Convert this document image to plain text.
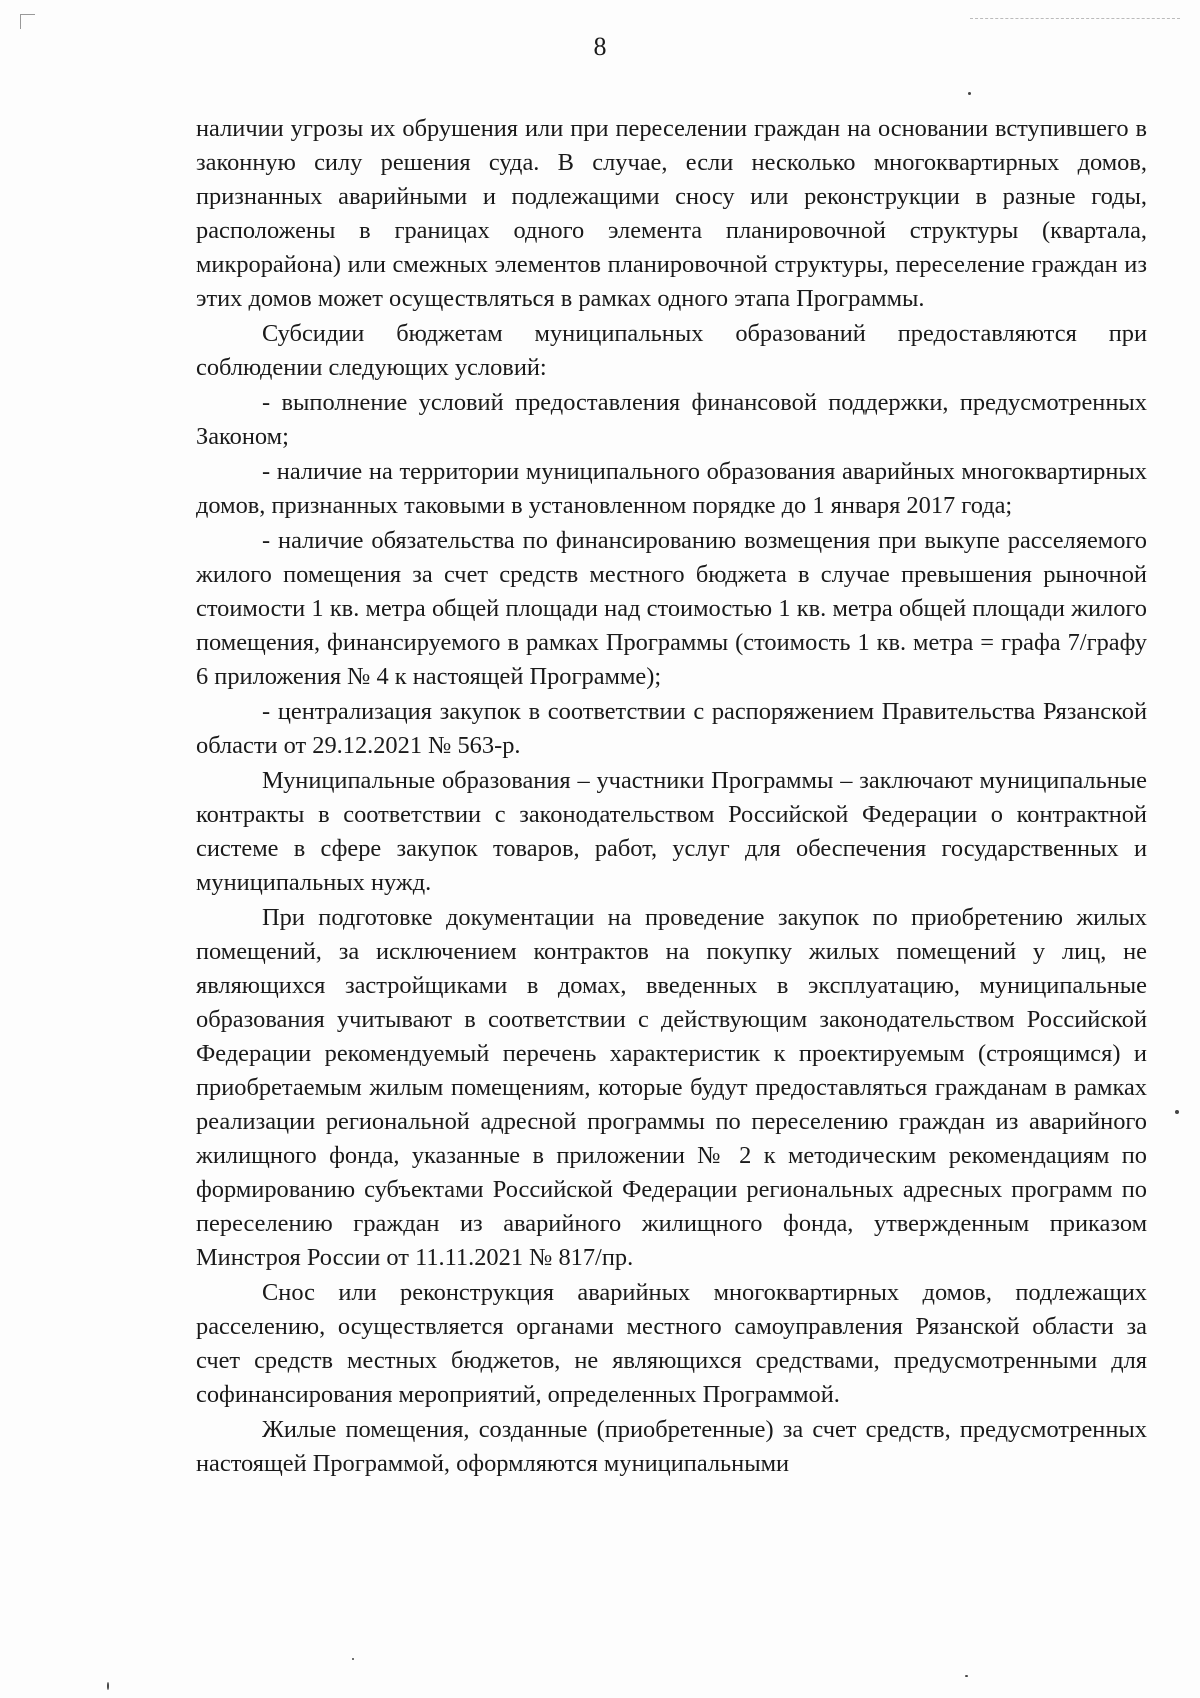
8

наличии угрозы их обрушения или при переселении граждан на основании вступившего в законную силу решения суда. В случае, если несколько многоквартирных домов, признанных аварийными и подлежащими сносу или реконструкции в разные годы, расположены в границах одного элемента планировочной структуры (квартала, микрорайона) или смежных элементов планировочной структуры, переселение граждан из этих домов может осуществляться в рамках одного этапа Программы.

Субсидии бюджетам муниципальных образований предоставляются при соблюдении следующих условий:

- выполнение условий предоставления финансовой поддержки, предусмотренных Законом;

- наличие на территории муниципального образования аварийных многоквартирных домов, признанных таковыми в установленном порядке до 1 января 2017 года;

- наличие обязательства по финансированию возмещения при выкупе расселяемого жилого помещения за счет средств местного бюджета в случае превышения рыночной стоимости 1 кв. метра общей площади над стоимостью 1 кв. метра общей площади жилого помещения, финансируемого в рамках Программы (стоимость 1 кв. метра = графа 7/графу 6 приложения № 4 к настоящей Программе);

- централизация закупок в соответствии с распоряжением Правительства Рязанской области от 29.12.2021 № 563-р.

Муниципальные образования – участники Программы – заключают муниципальные контракты в соответствии с законодательством Российской Федерации о контрактной системе в сфере закупок товаров, работ, услуг для обеспечения государственных и муниципальных нужд.

При подготовке документации на проведение закупок по приобретению жилых помещений, за исключением контрактов на покупку жилых помещений у лиц, не являющихся застройщиками в домах, введенных в эксплуатацию, муниципальные образования учитывают в соответствии с действующим законодательством Российской Федерации рекомендуемый перечень характеристик к проектируемым (строящимся) и приобретаемым жилым помещениям, которые будут предоставляться гражданам в рамках реализации региональной адресной программы по переселению граждан из аварийного жилищного фонда, указанные в приложении № 2 к методическим рекомендациям по формированию субъектами Российской Федерации региональных адресных программ по переселению граждан из аварийного жилищного фонда, утвержденным приказом Минстроя России от 11.11.2021 № 817/пр.

Снос или реконструкция аварийных многоквартирных домов, подлежащих расселению, осуществляется органами местного самоуправления Рязанской области за счет средств местных бюджетов, не являющихся средствами, предусмотренными для софинансирования мероприятий, определенных Программой.

Жилые помещения, созданные (приобретенные) за счет средств, предусмотренных настоящей Программой, оформляются муниципальными
